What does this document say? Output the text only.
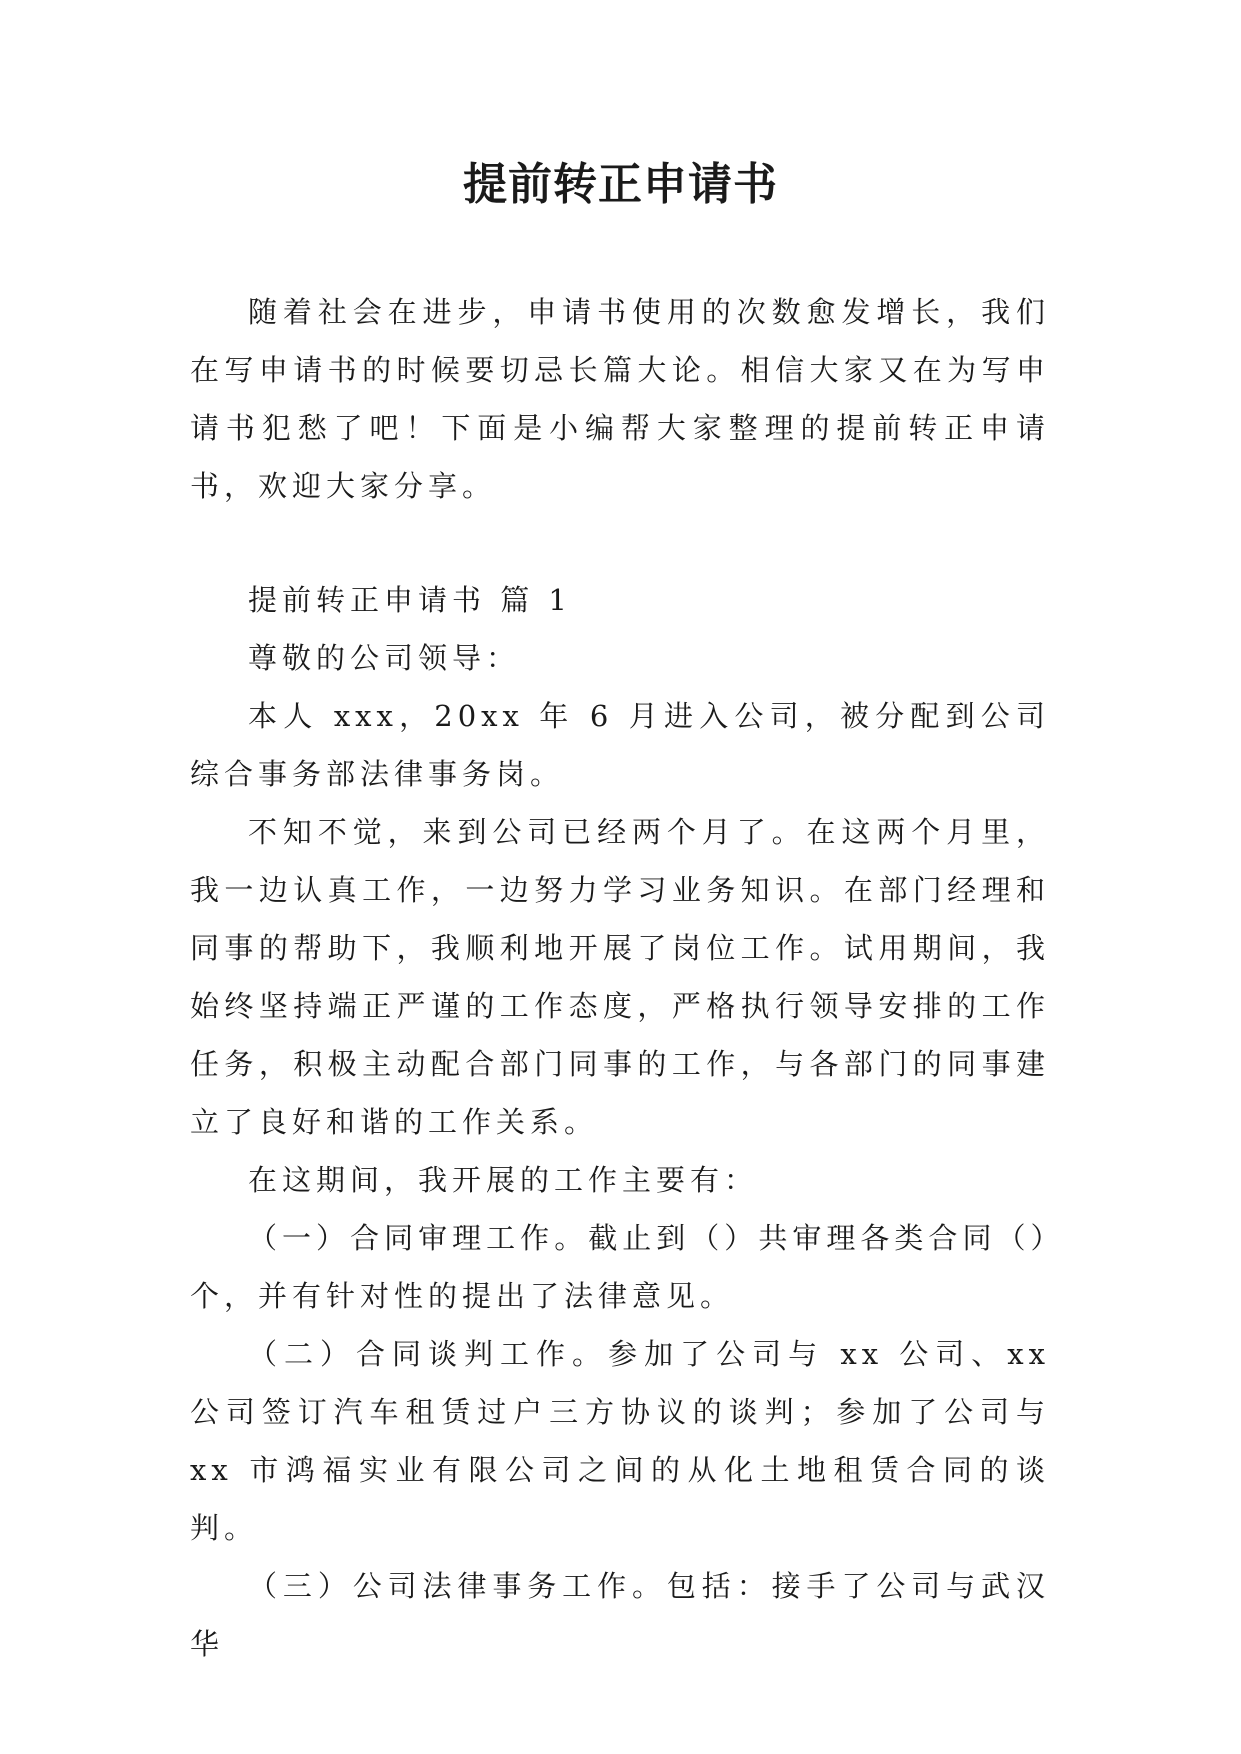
提前转正申请书

随着社会在进步，申请书使用的次数愈发增长，我们在写申请书的时候要切忌长篇大论。相信大家又在为写申请书犯愁了吧！下面是小编帮大家整理的提前转正申请书，欢迎大家分享。

提前转正申请书 篇 1

尊敬的公司领导：

本人 xxx，20xx 年 6 月进入公司，被分配到公司综合事务部法律事务岗。

不知不觉，来到公司已经两个月了。在这两个月里，我一边认真工作，一边努力学习业务知识。在部门经理和同事的帮助下，我顺利地开展了岗位工作。试用期间，我始终坚持端正严谨的工作态度，严格执行领导安排的工作任务，积极主动配合部门同事的工作，与各部门的同事建立了良好和谐的工作关系。

在这期间，我开展的工作主要有：

（一）合同审理工作。截止到（）共审理各类合同（）个，并有针对性的提出了法律意见。

（二）合同谈判工作。参加了公司与 xx 公司、xx 公司签订汽车租赁过户三方协议的谈判；参加了公司与 xx 市鸿福实业有限公司之间的从化土地租赁合同的谈判。

（三）公司法律事务工作。包括：接手了公司与武汉华
